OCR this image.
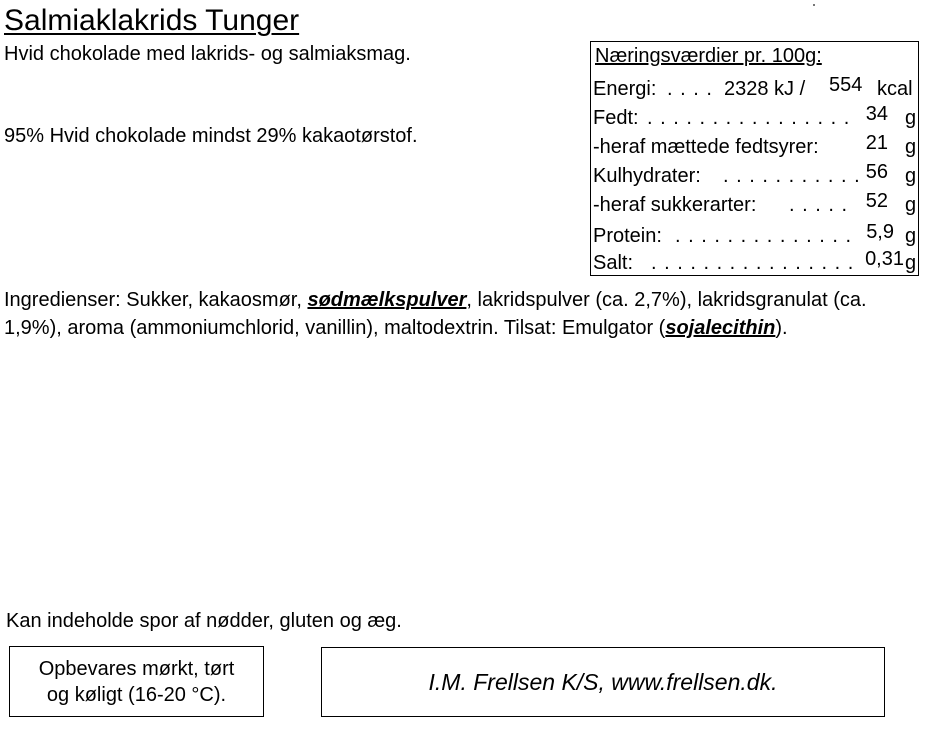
Salmiaklakrids Tunger
Hvid chokolade med lakrids- og salmiaksmag.
95% Hvid chokolade mindst 29% kakaotørstof.
Næringsværdier pr. 100g:
Energi: . . . . 2328 kJ / 554 kcal
Fedt: . . . . . . . . . . . . . . . . 34 g
-heraf mættede fedtsyrer: 21 g
Kulhydrater: . . . . . . . . . . . 56 g
-heraf sukkerarter: . . . . . 52 g
Protein: . . . . . . . . . . . . . . 5,9 g
Salt: . . . . . . . . . . . . . . . . 0,31 g
Ingredienser: Sukker, kakaosmør, sødmælkspulver, lakridspulver (ca. 2,7%), lakridsgranulat (ca. 1,9%), aroma (ammoniumchlorid, vanillin), maltodextrin. Tilsat: Emulgator (sojalecithin).
Kan indeholde spor af nødder, gluten og æg.
Opbevares mørkt, tørt
og køligt (16-20 °C).	I.M. Frellsen K/S, www.frellsen.dk.
